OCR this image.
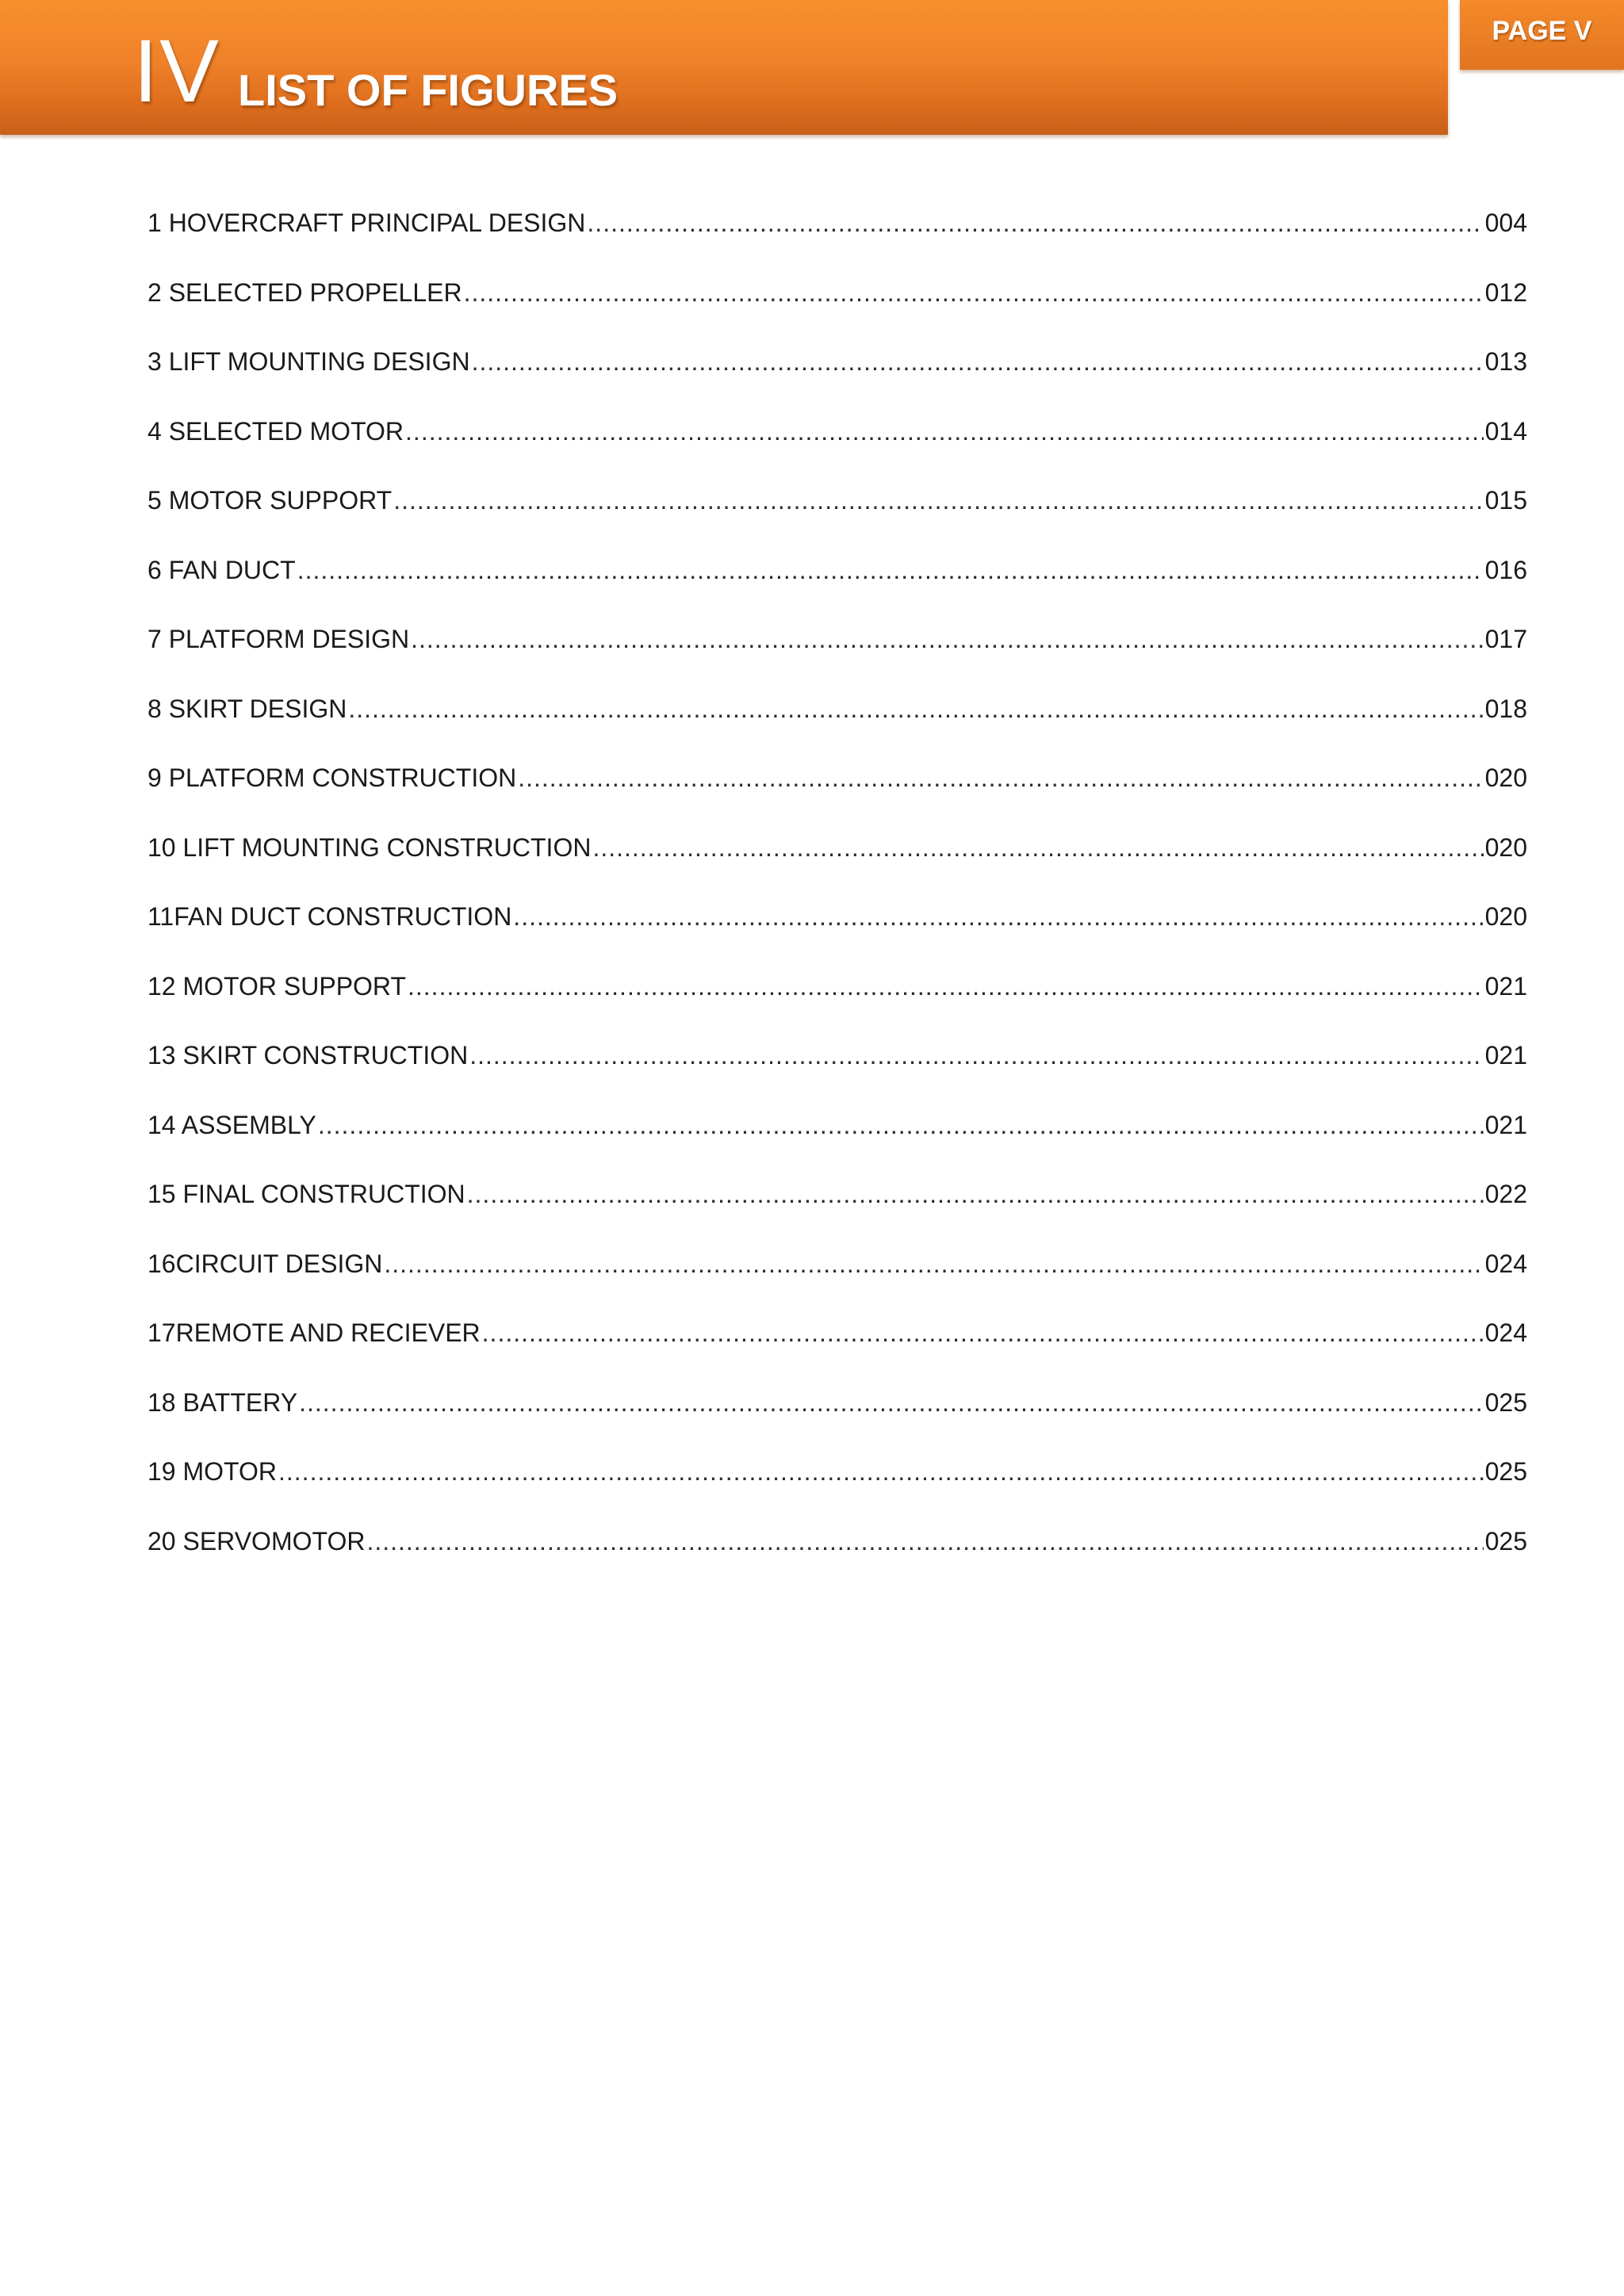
IV LIST OF FIGURES
PAGE V
1 HOVERCRAFT PRINCIPAL DESIGN .....	004
2 SELECTED PROPELLER .....	012
3 LIFT MOUNTING DESIGN .....	013
4 SELECTED MOTOR .....	014
5 MOTOR SUPPORT .....	015
6 FAN DUCT .....	016
7 PLATFORM DESIGN .....	017
8 SKIRT DESIGN .....	018
9 PLATFORM CONSTRUCTION .....	020
10 LIFT MOUNTING CONSTRUCTION .....	020
11FAN DUCT CONSTRUCTION .....	020
12 MOTOR SUPPORT .....	021
13 SKIRT CONSTRUCTION .....	021
14 ASSEMBLY .....	021
15 FINAL CONSTRUCTION .....	022
16CIRCUIT DESIGN .....	024
17REMOTE AND RECIEVER .....	024
18 BATTERY .....	025
19 MOTOR .....	025
20 SERVOMOTOR .....	025
